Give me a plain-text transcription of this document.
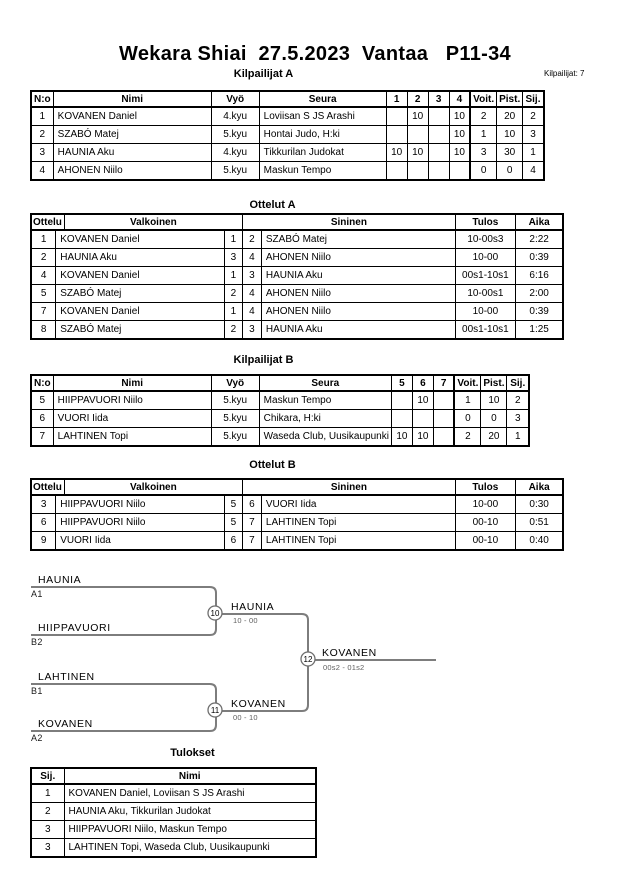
Wekara Shiai  27.5.2023  Vantaa   P11-34
Kilpailijat A	Kilpailijat: 7
N:o	Nimi	Vyö	Seura	1	2	3	4	Voit.	Pist.	Sij.
1	KOVANEN Daniel	4.kyu	Loviisan S JS Arashi		10		10	2	20	2
2	SZABÓ Matej	5.kyu	Hontai Judo, H:ki				10	1	10	3
3	HAUNIA Aku	4.kyu	Tikkurilan Judokat	10	10		10	3	30	1
4	AHONEN Niilo	5.kyu	Maskun Tempo					0	0	4
Ottelut A
Ottelu		Valkoinen		Sininen		Tulos	Aika
1	KOVANEN Daniel		1	2	SZABÓ Matej	10-00s3	2:22
2	HAUNIA Aku		3	4	AHONEN Niilo	10-00	0:39
4	KOVANEN Daniel		1	3	HAUNIA Aku	00s1-10s1	6:16
5	SZABÓ Matej		2	4	AHONEN Niilo	10-00s1	2:00
7	KOVANEN Daniel		1	4	AHONEN Niilo	10-00	0:39
8	SZABÓ Matej		2	3	HAUNIA Aku	00s1-10s1	1:25
Kilpailijat B
N:o	Nimi	Vyö	Seura	5	6	7	Voit.	Pist.	Sij.
5	HIIPPAVUORI Niilo	5.kyu	Maskun Tempo		10		1	10	2
6	VUORI Iida	5.kyu	Chikara, H:ki				0	0	3
7	LAHTINEN Topi	5.kyu	Waseda Club, Uusikaupunki	10	10		2	20	1
Ottelut B
Ottelu		Valkoinen		Sininen		Tulos	Aika
3	HIIPPAVUORI Niilo		5	6	VUORI Iida	10-00	0:30
6	HIIPPAVUORI Niilo		5	7	LAHTINEN Topi	00-10	0:51
9	VUORI Iida		6	7	LAHTINEN Topi	00-10	0:40
HAUNIA
A1
HIIPPAVUORI
B2
LAHTINEN
B1
KOVANEN
A2
HAUNIA
10 - 00
KOVANEN
00 - 10
KOVANEN
00s2 - 01s2
10
11
12
Tulokset
Sij.	Nimi
1	KOVANEN Daniel, Loviisan S JS Arashi
2	HAUNIA Aku, Tikkurilan Judokat
3	HIIPPAVUORI Niilo, Maskun Tempo
3	LAHTINEN Topi, Waseda Club, Uusikaupunki
